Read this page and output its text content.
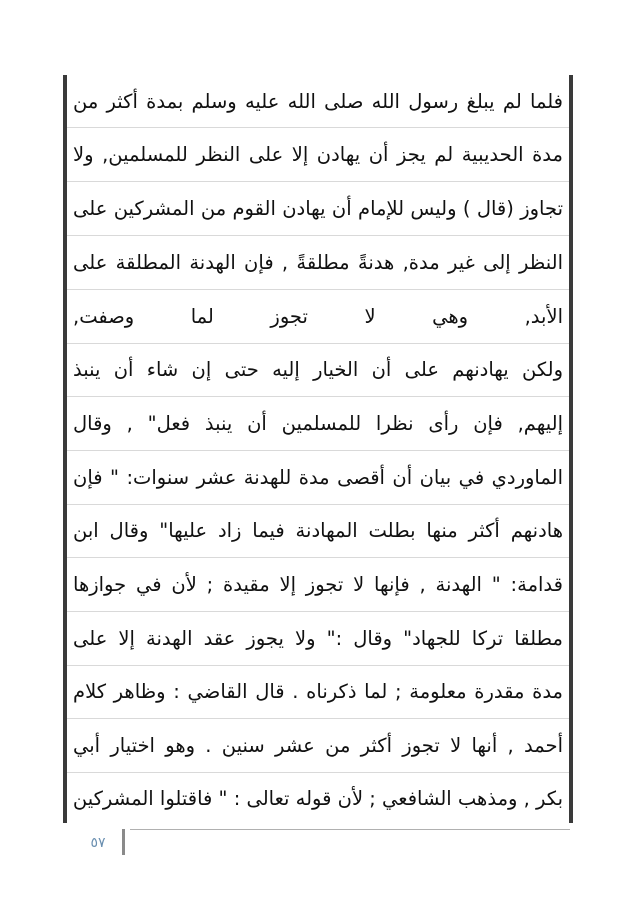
فلما لم يبلغ رسول الله صلى الله عليه وسلم بمدة أكثر من
مدة الحديبية لم يجز أن يهادن إلا على النظر للمسلمين, ولا
تجاوز (قال ) وليس للإمام أن يهادن القوم من المشركين على
النظر إلى غير مدة, هدنةً مطلقةً , فإن الهدنة المطلقة على
الأبد, وهي لا تجوز لما وصفت,
ولكن يهادنهم على أن الخيار إليه حتى إن شاء أن ينبذ
إليهم, فإن رأى نظرا للمسلمين أن ينبذ فعل" , وقال
الماوردي في بيان أن أقصى مدة للهدنة عشر سنوات: " فإن
هادنهم أكثر منها بطلت المهادنة فيما زاد عليها" وقال ابن
قدامة: " الهدنة , فإنها لا تجوز إلا مقيدة ; لأن في جوازها
مطلقا تركا للجهاد" وقال :" ولا يجوز عقد الهدنة إلا على
مدة مقدرة معلومة ; لما ذكرناه . قال القاضي : وظاهر كلام
أحمد , أنها لا تجوز أكثر من عشر سنين . وهو اختيار أبي
بكر , ومذهب الشافعي ; لأن قوله تعالى : " فاقتلوا المشركين
٥٧
